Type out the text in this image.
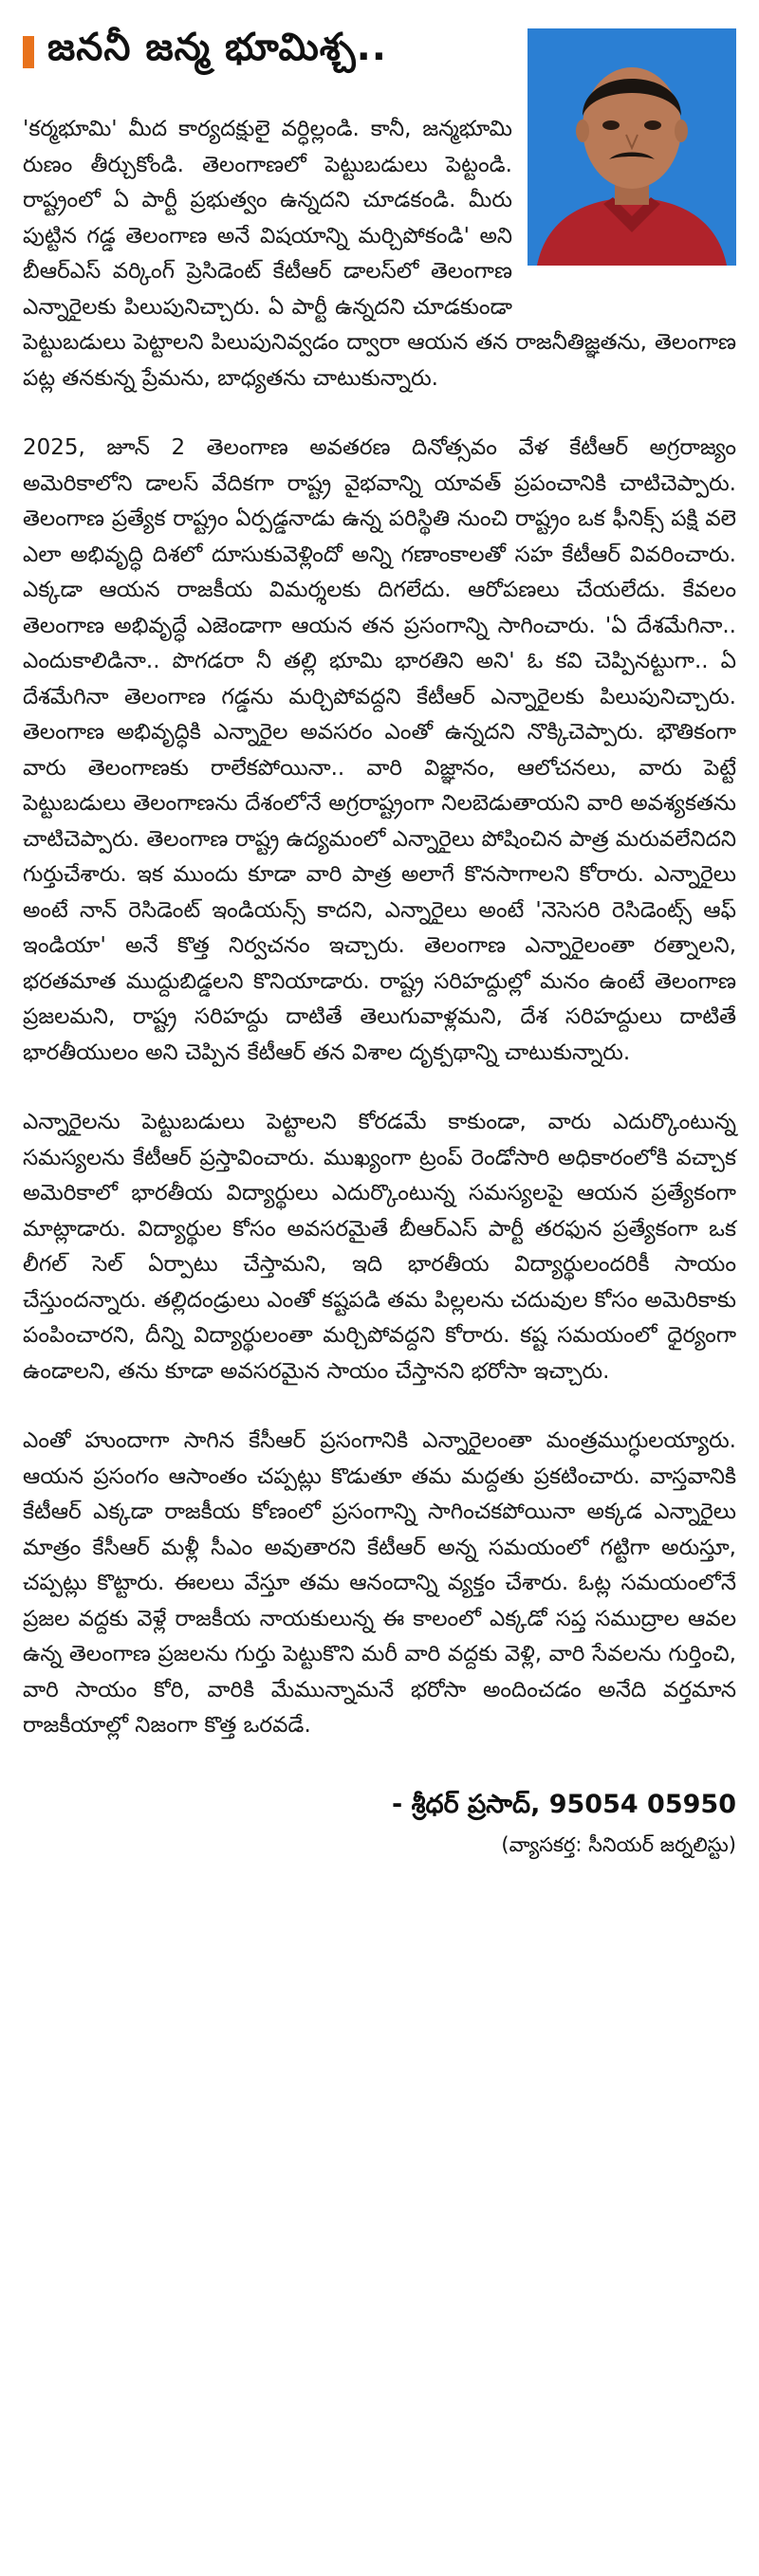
జననీ జన్మ భూమిశ్చ..

'కర్మభూమి' మీద కార్యదక్షులై వర్ధిల్లండి. కానీ, జన్మభూమి రుణం తీర్చుకోండి. తెలంగాణలో పెట్టుబడులు పెట్టండి. రాష్ట్రంలో ఏ పార్టీ ప్రభుత్వం ఉన్నదని చూడకండి. మీరు పుట్టిన గడ్డ తెలంగాణ అనే విషయాన్ని మర్చిపోకండి' అని బీఆర్ఎస్ వర్కింగ్ ప్రెసిడెంట్ కేటీఆర్ డాలస్‌లో తెలంగాణ ఎన్నారైలకు పిలుపునిచ్చారు. ఏ పార్టీ ఉన్నదని చూడకుండా పెట్టుబడులు పెట్టాలని పిలుపునివ్వడం ద్వారా ఆయన తన రాజనీతిజ్ఞతను, తెలంగాణ పట్ల తనకున్న ప్రేమను, బాధ్యతను చాటుకున్నారు.

2025, జూన్ 2 తెలంగాణ అవతరణ దినోత్సవం వేళ కేటీఆర్ అగ్రరాజ్యం అమెరికాలోని డాలస్ వేదికగా రాష్ట్ర వైభవాన్ని యావత్ ప్రపంచానికి చాటిచెప్పారు. తెలంగాణ ప్రత్యేక రాష్ట్రం ఏర్పడ్డనాడు ఉన్న పరిస్థితి నుంచి రాష్ట్రం ఒక ఫీనిక్స్ పక్షి వలె ఎలా అభివృద్ధి దిశలో దూసుకువెళ్లిందో అన్ని గణాంకాలతో సహ కేటీఆర్ వివరించారు. ఎక్కడా ఆయన రాజకీయ విమర్శలకు దిగలేదు. ఆరోపణలు చేయలేదు. కేవలం తెలంగాణ అభివృద్ధే ఎజెండాగా ఆయన తన ప్రసంగాన్ని సాగించారు. 'ఏ దేశమేగినా.. ఎందుకాలిడినా.. పొగడరా నీ తల్లి భూమి భారతిని అని' ఓ కవి చెప్పినట్టుగా.. ఏ దేశమేగినా తెలంగాణ గడ్డను మర్చిపోవద్దని కేటీఆర్ ఎన్నారైలకు పిలుపునిచ్చారు. తెలంగాణ అభివృద్ధికి ఎన్నారైల అవసరం ఎంతో ఉన్నదని నొక్కిచెప్పారు. భౌతికంగా వారు తెలంగాణకు రాలేకపోయినా.. వారి విజ్ఞానం, ఆలోచనలు, వారు పెట్టే పెట్టుబడులు తెలంగాణను దేశంలోనే అగ్రరాష్ట్రంగా నిలబెడుతాయని వారి అవశ్యకతను చాటిచెప్పారు. తెలంగాణ రాష్ట్ర ఉద్యమంలో ఎన్నారైలు పోషించిన పాత్ర మరువలేనిదని గుర్తుచేశారు. ఇక ముందు కూడా వారి పాత్ర అలాగే కొనసాగాలని కోరారు. ఎన్నారైలు అంటే నాన్ రెసిడెంట్ ఇండియన్స్ కాదని, ఎన్నారైలు అంటే 'నెసెసరి రెసిడెంట్స్ ఆఫ్ ఇండియా' అనే కొత్త నిర్వచనం ఇచ్చారు. తెలంగాణ ఎన్నారైలంతా రత్నాలని, భరతమాత ముద్దుబిడ్డలని కొనియాడారు. రాష్ట్ర సరిహద్దుల్లో మనం ఉంటే తెలంగాణ ప్రజలమని, రాష్ట్ర సరిహద్దు దాటితే తెలుగువాళ్లమని, దేశ సరిహద్దులు దాటితే భారతీయులం అని చెప్పిన కేటీఆర్ తన విశాల దృక్పథాన్ని చాటుకున్నారు.

ఎన్నారైలను పెట్టుబడులు పెట్టాలని కోరడమే కాకుండా, వారు ఎదుర్కొంటున్న సమస్యలను కేటీఆర్ ప్రస్తావించారు. ముఖ్యంగా ట్రంప్ రెండోసారి అధికారంలోకి వచ్చాక అమెరికాలో భారతీయ విద్యార్థులు ఎదుర్కొంటున్న సమస్యలపై ఆయన ప్రత్యేకంగా మాట్లాడారు. విద్యార్థుల కోసం అవసరమైతే బీఆర్ఎస్ పార్టీ తరఫున ప్రత్యేకంగా ఒక లీగల్ సెల్ ఏర్పాటు చేస్తామని, ఇది భారతీయ విద్యార్థులందరికీ సాయం చేస్తుందన్నారు. తల్లిదండ్రులు ఎంతో కష్టపడి తమ పిల్లలను చదువుల కోసం అమెరికాకు పంపించారని, దీన్ని విద్యార్థులంతా మర్చిపోవద్దని కోరారు. కష్ట సమయంలో ధైర్యంగా ఉండాలని, తను కూడా అవసరమైన సాయం చేస్తానని భరోసా ఇచ్చారు.

ఎంతో హుందాగా సాగిన కేసీఆర్ ప్రసంగానికి ఎన్నారైలంతా మంత్రముగ్ధులయ్యారు. ఆయన ప్రసంగం ఆసాంతం చప్పట్లు కొడుతూ తమ మద్దతు ప్రకటించారు. వాస్తవానికి కేటీఆర్ ఎక్కడా రాజకీయ కోణంలో ప్రసంగాన్ని సాగించకపోయినా అక్కడ ఎన్నారైలు మాత్రం కేసీఆర్ మళ్లీ సీఎం అవుతారని కేటీఆర్ అన్న సమయంలో గట్టిగా అరుస్తూ, చప్పట్లు కొట్టారు. ఈలలు వేస్తూ తమ ఆనందాన్ని వ్యక్తం చేశారు. ఓట్ల సమయంలోనే ప్రజల వద్దకు వెళ్లే రాజకీయ నాయకులున్న ఈ కాలంలో ఎక్కడో సప్త సముద్రాల ఆవల ఉన్న తెలంగాణ ప్రజలను గుర్తు పెట్టుకొని మరీ వారి వద్దకు వెళ్లి, వారి సేవలను గుర్తించి, వారి సాయం కోరి, వారికి మేమున్నామనే భరోసా అందించడం అనేది వర్తమాన రాజకీయాల్లో నిజంగా కొత్త ఒరవడే.

- శ్రీధర్ ప్రసాద్, 95054 05950
(వ్యాసకర్త: సీనియర్ జర్నలిస్టు)
